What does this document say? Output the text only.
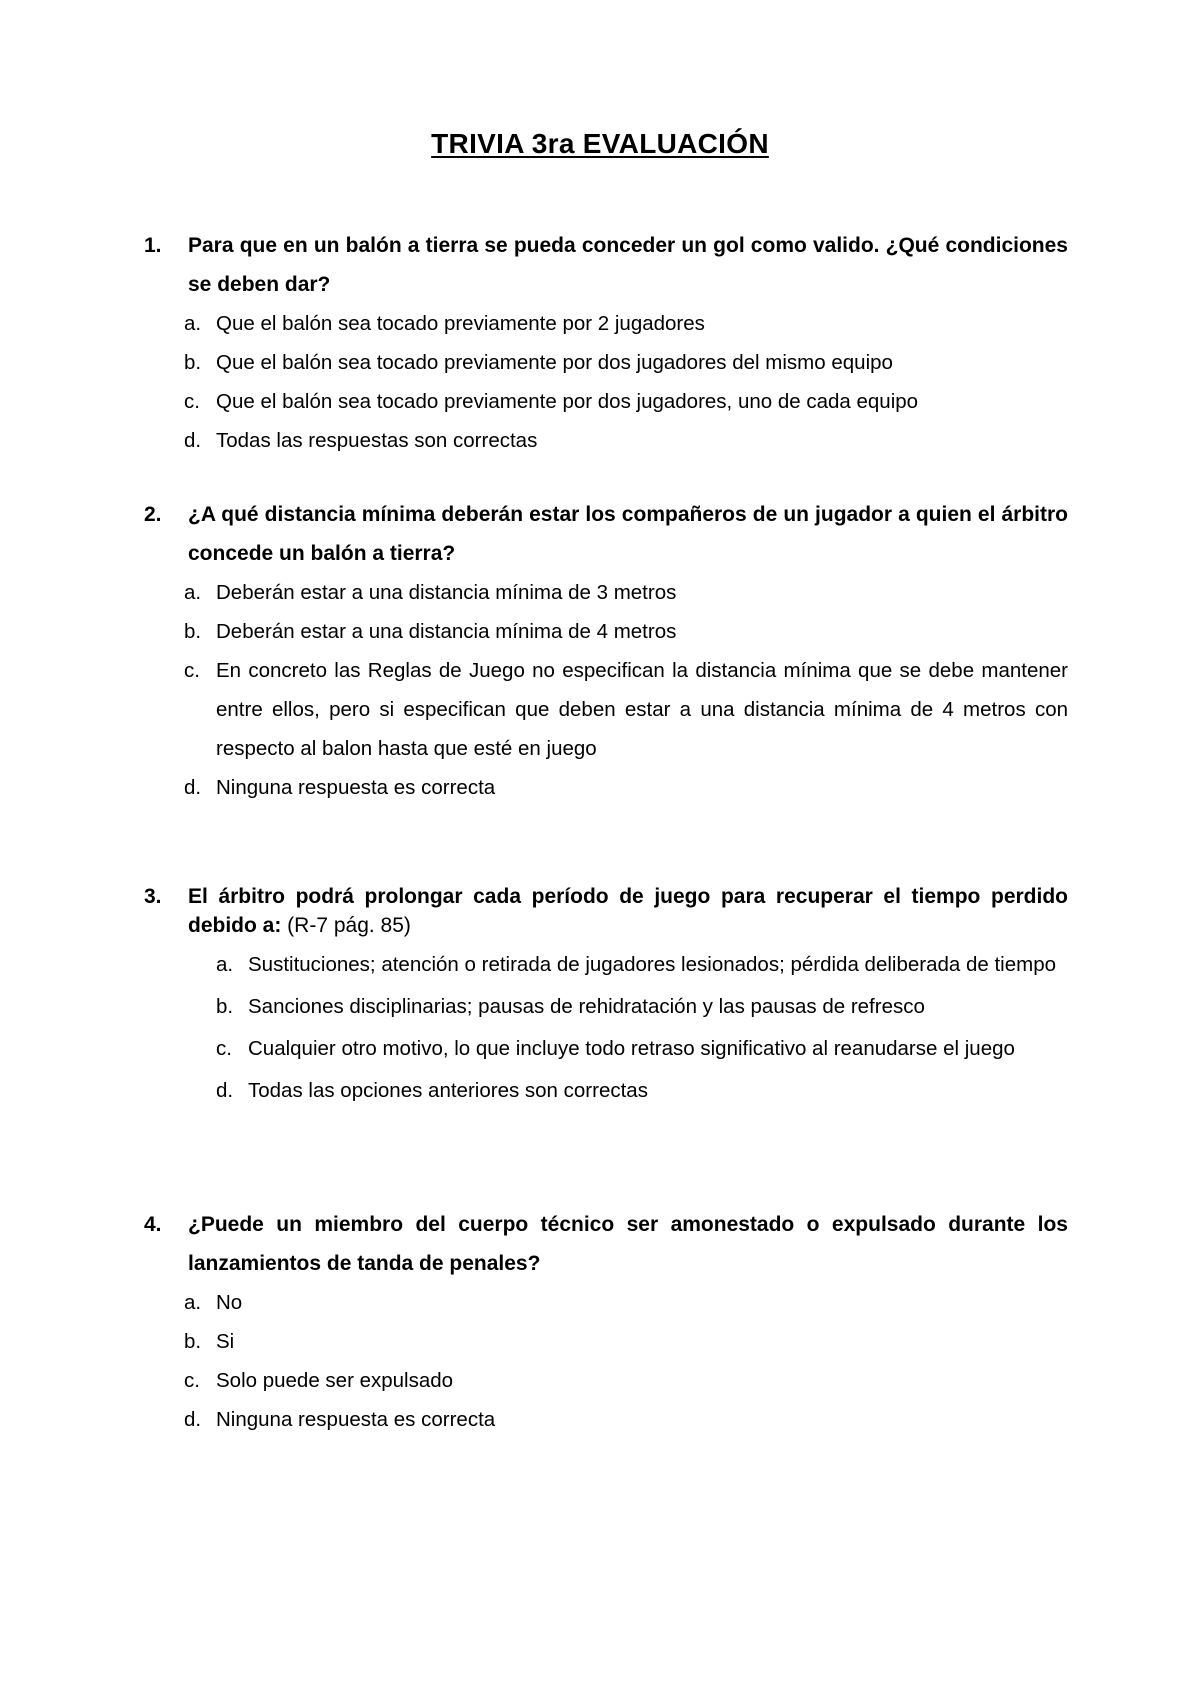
TRIVIA 3ra EVALUACIÓN
1. Para que en un balón a tierra se pueda conceder un gol como valido. ¿Qué condiciones se deben dar?
a. Que el balón sea tocado previamente por 2 jugadores
b. Que el balón sea tocado previamente por dos jugadores del mismo equipo
c. Que el balón sea tocado previamente por dos jugadores, uno de cada equipo
d. Todas las respuestas son correctas
2. ¿A qué distancia mínima deberán estar los compañeros de un jugador a quien el árbitro concede un balón a tierra?
a. Deberán estar a una distancia mínima de 3 metros
b. Deberán estar a una distancia mínima de 4 metros
c. En concreto las Reglas de Juego no especifican la distancia mínima que se debe mantener entre ellos, pero si especifican que deben estar a una distancia mínima de 4 metros con respecto al balon hasta que esté en juego
d. Ninguna respuesta es correcta
3. El árbitro podrá prolongar cada período de juego para recuperar el tiempo perdido debido a: (R-7 pág. 85)
a. Sustituciones; atención o retirada de jugadores lesionados; pérdida deliberada de tiempo
b. Sanciones disciplinarias; pausas de rehidratación y las pausas de refresco
c. Cualquier otro motivo, lo que incluye todo retraso significativo al reanudarse el juego
d. Todas las opciones anteriores son correctas
4. ¿Puede un miembro del cuerpo técnico ser amonestado o expulsado durante los lanzamientos de tanda de penales?
a. No
b. Si
c. Solo puede ser expulsado
d. Ninguna respuesta es correcta
